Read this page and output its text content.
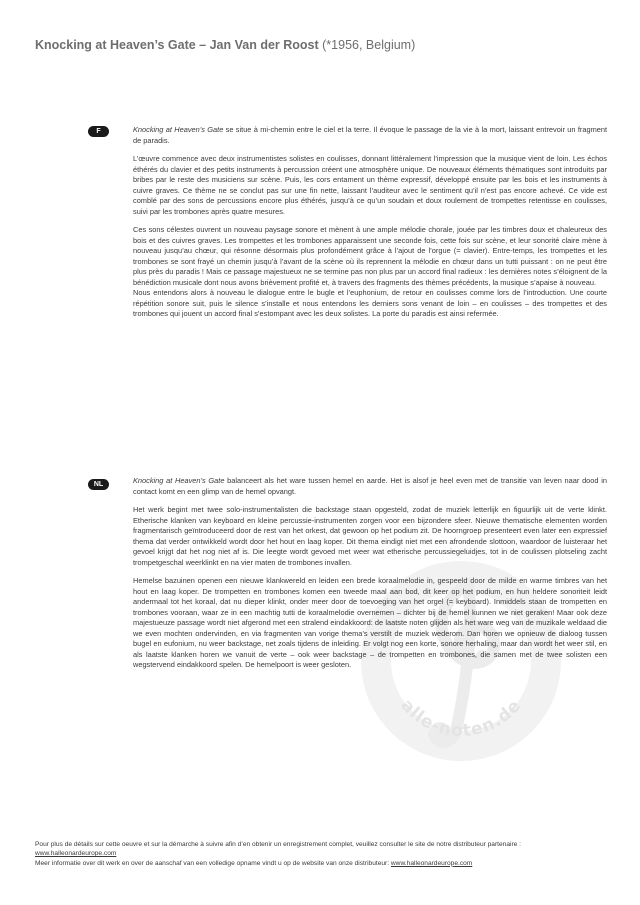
alle-noten.de
Knocking at Heaven’s Gate – Jan Van der Roost (*1956, Belgium)
F	Knocking at Heaven’s Gate se situe à mi-chemin entre le ciel et la terre. Il évoque le passage de la vie à la mort, laissant entrevoir un fragment de paradis.

L’œuvre commence avec deux instrumentistes solistes en coulisses, donnant littéralement l’impression que la musique vient de loin. Les échos éthérés du clavier et des petits instruments à percussion créent une atmosphère unique. De nouveaux éléments thématiques sont introduits par bribes par le reste des musiciens sur scène. Puis, les cors entament un thème expressif, développé ensuite par les bois et les instruments à cuivre graves. Ce thème ne se conclut pas sur une fin nette, laissant l’auditeur avec le sentiment qu’il n’est pas encore achevé. Ce vide est comblé par des sons de percussions encore plus éthérés, jusqu’à ce qu’un soudain et doux roulement de trompettes retentisse en coulisses, suivi par les trombones après quatre mesures.

Ces sons célestes ouvrent un nouveau paysage sonore et mènent à une ample mélodie chorale, jouée par les timbres doux et chaleureux des bois et des cuivres graves. Les trompettes et les trombones apparaissent une seconde fois, cette fois sur scène, et leur sonorité claire mène à nouveau jusqu’au chœur, qui résonne désormais plus profondément grâce à l’ajout de l’orgue (= clavier). Entre-temps, les trompettes et les trombones se sont frayé un chemin jusqu’à l’avant de la scène où ils reprennent la mélodie en chœur dans un tutti puissant : on ne peut être plus près du paradis ! Mais ce passage majestueux ne se termine pas non plus par un accord final radieux : les dernières notes s’éloignent de la bénédiction musicale dont nous avons brièvement profité et, à travers des fragments des thèmes précédents, la musique s’apaise à nouveau.

Nous entendons alors à nouveau le dialogue entre le bugle et l’euphonium, de retour en coulisses comme lors de l’introduction. Une courte répétition sonore suit, puis le silence s’installe et nous entendons les derniers sons venant de loin – en coulisses – des trompettes et des trombones qui jouent un accord final s’estompant avec les deux solistes. La porte du paradis est ainsi refermée.

NL	Knocking at Heaven’s Gate balanceert als het ware tussen hemel en aarde. Het is alsof je heel even met de transitie van leven naar dood in contact komt en een glimp van de hemel opvangt.

Het werk begint met twee solo-instrumentalisten die backstage staan opgesteld, zodat de muziek letterlijk en figuurlijk uit de verte klinkt. Etherische klanken van keyboard en kleine percussie-instrumenten zorgen voor een bijzondere sfeer. Nieuwe thematische elementen worden fragmentarisch geïntroduceerd door de rest van het orkest, dat gewoon op het podium zit. De hoorngroep presenteert even later een expressief thema dat verder ontwikkeld wordt door het hout en laag koper. Dit thema eindigt niet met een afrondende slottoon, waardoor de luisteraar het gevoel krijgt dat het nog niet af is. Die leegte wordt gevoed met weer wat etherische percussiegeluidjes, tot in de coulissen plotseling zacht trompetgeschal weerklinkt en na vier maten de trombones invallen.

Hemelse bazuinen openen een nieuwe klankwereld en leiden een brede koraalmelodie in, gespeeld door de milde en warme timbres van het hout en laag koper. De trompetten en trombones komen een tweede maal aan bod, dit keer op het podium, en hun heldere sonoriteit leidt andermaal tot het koraal, dat nu dieper klinkt, onder meer door de toevoeging van het orgel (= keyboard). Inmiddels staan de trompetten en trombones vooraan, waar ze in een machtig tutti de koraalmelodie overnemen – dichter bij de hemel kunnen we niet geraken! Maar ook deze majestueuze passage wordt niet afgerond met een stralend eindakkoord: de laatste noten glijden als het ware weg van de muzikale weldaad die we even mochten ondervinden, en via fragmenten van vorige thema’s verstilt de muziek wederom. Dan horen we opnieuw de dialoog tussen bugel en eufonium, nu weer backstage, net zoals tijdens de inleiding. Er volgt nog een korte, sonore herhaling, maar dan wordt het weer stil, en als laatste klanken horen we vanuit de verte – ook weer backstage – de trompetten en trombones, die samen met de twee solisten een wegstervend eindakkoord spelen. De hemelpoort is weer gesloten.

Pour plus de détails sur cette oeuvre et sur la démarche à suivre afin d’en obtenir un enregistrement complet, veuillez consulter le site de notre distributeur partenaire : www.halleonardeurope.com
Meer informatie over dit werk en over de aanschaf van een volledige opname vindt u op de website van onze distributeur: www.halleonardeurope.com
